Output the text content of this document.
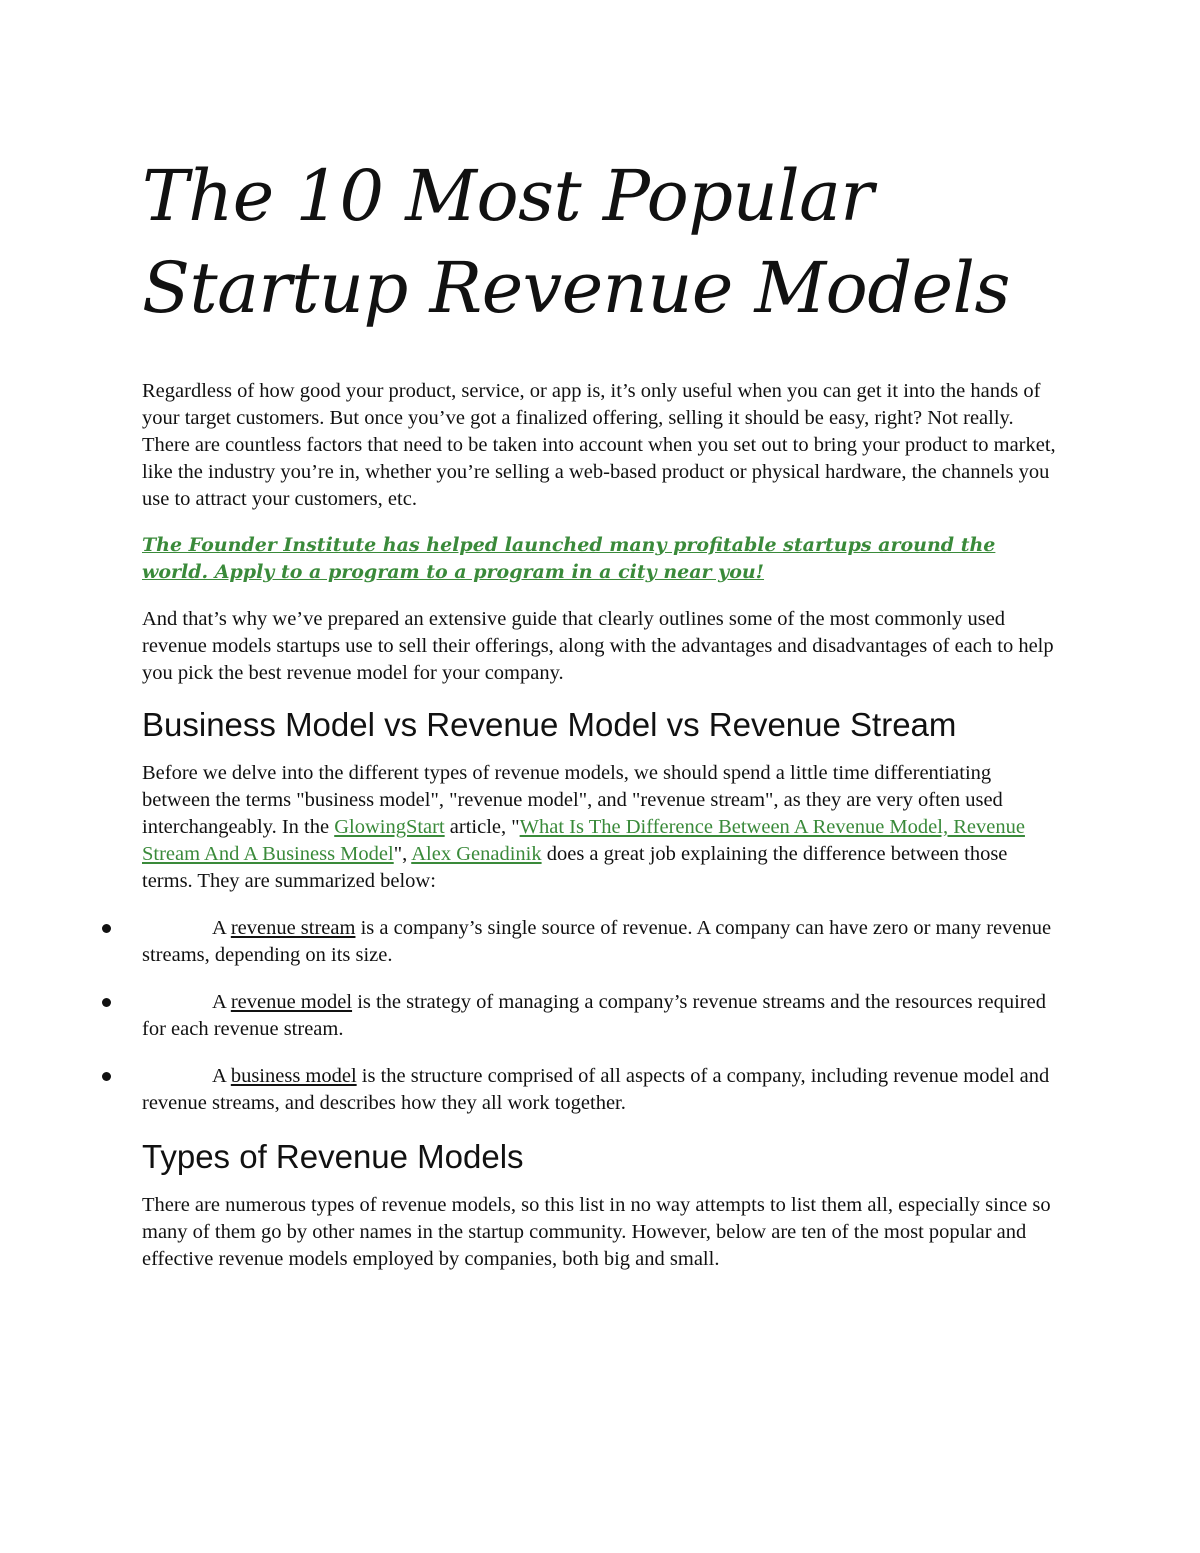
The 10 Most Popular
Startup Revenue Models

Regardless of how good your product, service, or app is, it’s only useful when you can get it into the hands of your target customers. But once you’ve got a finalized offering, selling it should be easy, right? Not really. There are countless factors that need to be taken into account when you set out to bring your product to market, like the industry you’re in, whether you’re selling a web-based product or physical hardware, the channels you use to attract your customers, etc.

The Founder Institute has helped launched many profitable startups around the world. Apply to a program to a program in a city near you!

And that’s why we’ve prepared an extensive guide that clearly outlines some of the most commonly used revenue models startups use to sell their offerings, along with the advantages and disadvantages of each to help you pick the best revenue model for your company.

Business Model vs Revenue Model vs Revenue Stream

Before we delve into the different types of revenue models, we should spend a little time differentiating between the terms "business model", "revenue model", and "revenue stream", as they are very often used interchangeably. In the GlowingStart article, "What Is The Difference Between A Revenue Model, Revenue Stream And A Business Model", Alex Genadinik does a great job explaining the difference between those terms. They are summarized below:

A revenue stream is a company’s single source of revenue. A company can have zero or many revenue streams, depending on its size.
A revenue model is the strategy of managing a company’s revenue streams and the resources required for each revenue stream.
A business model is the structure comprised of all aspects of a company, including revenue model and revenue streams, and describes how they all work together.
Types of Revenue Models

There are numerous types of revenue models, so this list in no way attempts to list them all, especially since so many of them go by other names in the startup community. However, below are ten of the most popular and effective revenue models employed by companies, both big and small.
